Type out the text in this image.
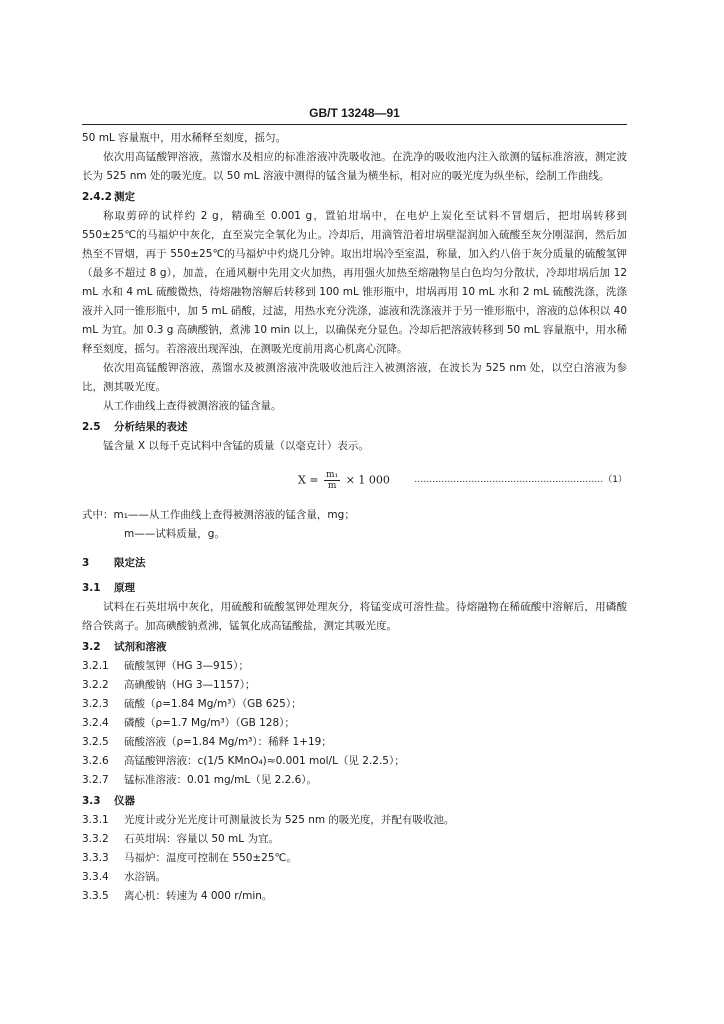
GB/T 13248—91

50 mL 容量瓶中，用水稀释至刻度，摇匀。

依次用高锰酸钾溶液，蒸馏水及相应的标准溶液冲洗吸收池。在洗净的吸收池内注入欲测的锰标准溶液，测定波长为 525 nm 处的吸光度。以 50 mL 溶液中测得的锰含量为横坐标，相对应的吸光度为纵坐标，绘制工作曲线。

2.4.2 测定

称取剪碎的试样约 2 g，精确至 0.001 g，置铂坩埚中，在电炉上炭化至试料不冒烟后，把坩埚转移到 550±25℃的马福炉中灰化，直至炭完全氧化为止。冷却后，用滴管沿着坩埚壁湿润加入硫酸至灰分刚湿润，然后加热至不冒烟，再于 550±25℃的马福炉中灼烧几分钟。取出坩埚冷至室温，称量，加入约八倍于灰分质量的硫酸氢钾（最多不超过 8 g），加盖，在通风橱中先用文火加热，再用强火加热至熔融物呈白色均匀分散状，冷却坩埚后加 12 mL 水和 4 mL 硫酸微热，待熔融物溶解后转移到 100 mL 锥形瓶中，坩埚再用 10 mL 水和 2 mL 硫酸洗涤，洗涤液并入同一锥形瓶中，加 5 mL 硝酸，过滤，用热水充分洗涤，滤液和洗涤液并于另一锥形瓶中，溶液的总体积以 40 mL 为宜。加 0.3 g 高碘酸钠，煮沸 10 min 以上，以确保充分显色。冷却后把溶液转移到 50 mL 容量瓶中，用水稀释至刻度，摇匀。若溶液出现浑浊，在测吸光度前用离心机离心沉降。

依次用高锰酸钾溶液，蒸馏水及被测溶液冲洗吸收池后注入被测溶液，在波长为 525 nm 处，以空白溶液为参比，测其吸光度。

从工作曲线上查得被测溶液的锰含量。

2.5 分析结果的表述

锰含量 X 以每千克试料中含锰的质量（以毫克计）表示。

$X = \frac{\text{m₁}}{m} \times 1$ 000	………………………………………………………（1）

式中：m₁——从工作曲线上查得被测溶液的锰含量，mg；

m——试料质量，g。

3 限定法

3.1 原理

试料在石英坩埚中灰化，用硫酸和硫酸氢钾处理灰分，将锰变成可溶性盐。待熔融物在稀硫酸中溶解后，用磷酸络合铁离子。加高碘酸钠煮沸，锰氧化成高锰酸盐，测定其吸光度。

3.2 试剂和溶液

3.2.1 硫酸氢钾（HG 3—915）；

3.2.2 高碘酸钠（HG 3—1157）；

3.2.3 硫酸（ρ=1.84 Mg/m³）（GB 625）；

3.2.4 磷酸（ρ=1.7 Mg/m³）（GB 128）；

3.2.5 硫酸溶液（ρ=1.84 Mg/m³）：稀释 1+19；

3.2.6 高锰酸钾溶液：c(1/5 KMnO₄)≈0.001 mol/L（见 2.2.5）；

3.2.7 锰标准溶液：0.01 mg/mL（见 2.2.6）。

3.3 仪器

3.3.1 光度计或分光光度计可测量波长为 525 nm 的吸光度，并配有吸收池。

3.3.2 石英坩埚：容量以 50 mL 为宜。

3.3.3 马福炉：温度可控制在 550±25℃。

3.3.4 水浴锅。

3.3.5 离心机：转速为 4 000 r/min。
